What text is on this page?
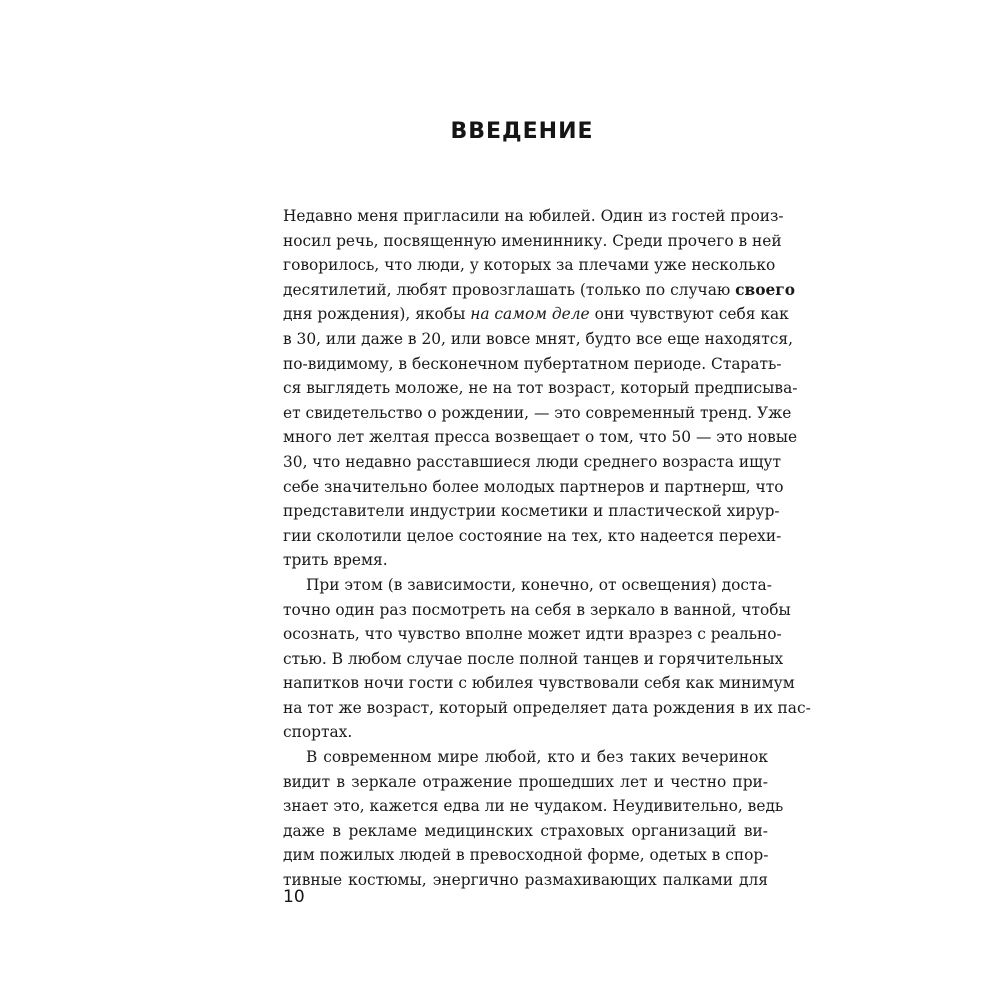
ВВЕДЕНИЕ
Недавно меня пригласили на юбилей. Один из гостей произ-
носил речь, посвященную имениннику. Среди прочего в ней
говорилось, что люди, у которых за плечами уже несколько
десятилетий, любят провозглашать (только по случаю своего
дня рождения), якобы на самом деле они чувствуют себя как
в 30, или даже в 20, или вовсе мнят, будто все еще находятся,
по-видимому, в бесконечном пубертатном периоде. Старать-
ся выглядеть моложе, не на тот возраст, который предписыва-
ет свидетельство о рождении, — это современный тренд. Уже
много лет желтая пресса возвещает о том, что 50 — это новые
30, что недавно расставшиеся люди среднего возраста ищут
себе значительно более молодых партнеров и партнерш, что
представители индустрии косметики и пластической хирур-
гии сколотили целое состояние на тех, кто надеется перехи-
трить время.
При этом (в зависимости, конечно, от освещения) доста-
точно один раз посмотреть на себя в зеркало в ванной, чтобы
осознать, что чувство вполне может идти вразрез с реально-
стью. В любом случае после полной танцев и горячительных
напитков ночи гости с юбилея чувствовали себя как минимум
на тот же возраст, который определяет дата рождения в их пас-
спортах.
В современном мире любой, кто и без таких вечеринок
видит в зеркале отражение прошедших лет и честно при-
знает это, кажется едва ли не чудаком. Неудивительно, ведь
даже в рекламе медицинских страховых организаций ви-
дим пожилых людей в превосходной форме, одетых в спор-
тивные костюмы, энергично размахивающих палками для
10
